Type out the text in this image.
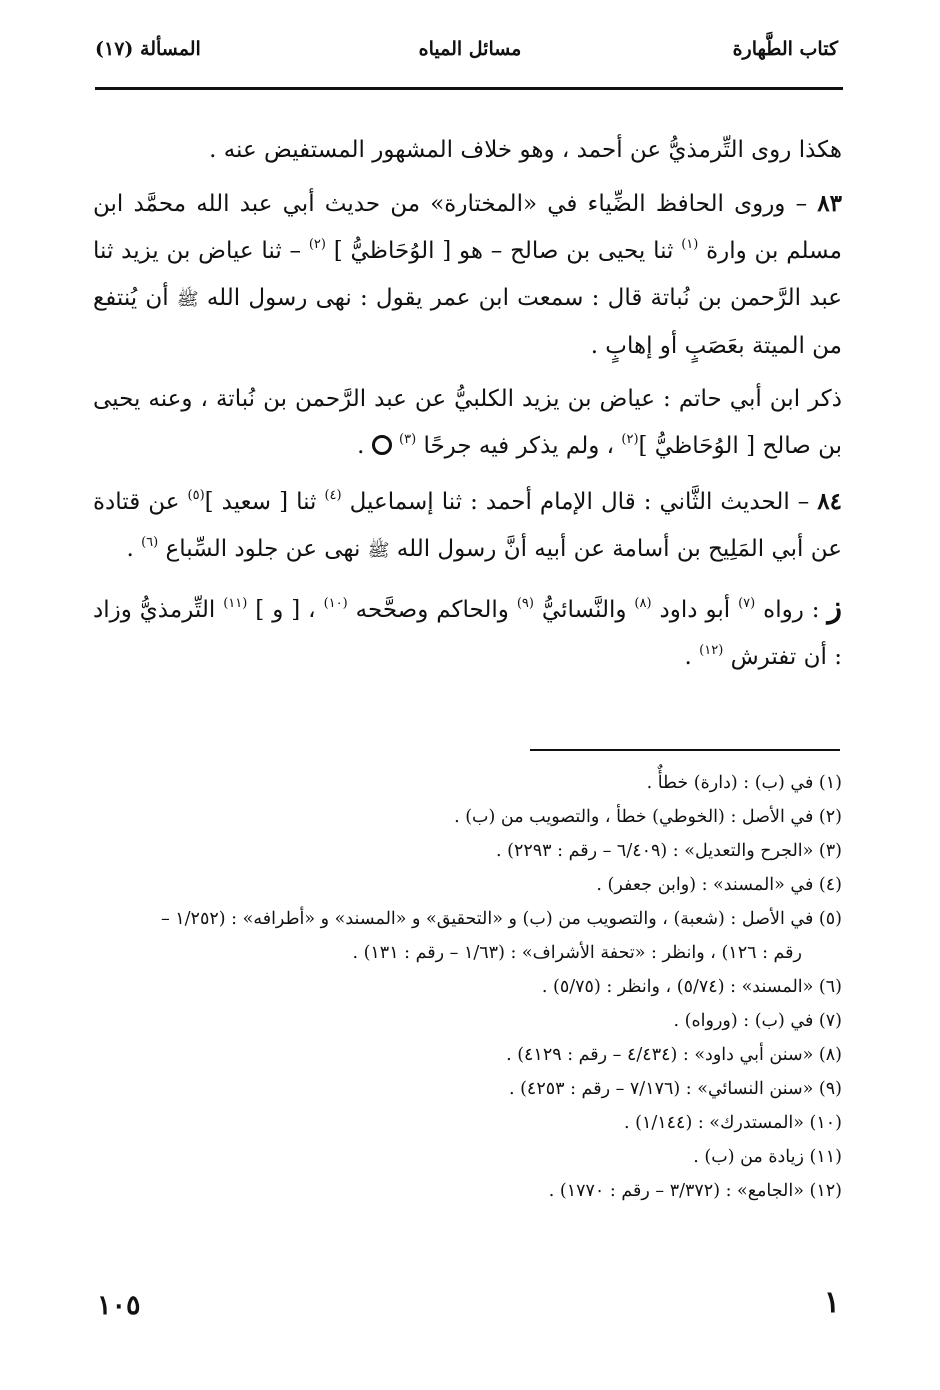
كتاب الطَّهارة
مسائل المياه
المسألة (١٧)

هكذا روى التِّرمذيُّ عن أحمد ، وهو خلاف المشهور المستفيض عنه .

٨٣ – وروى الحافظ الضِّياء في «المختارة» من حديث أبي عبد الله محمَّد ابن مسلم بن وارة $^{(١)}$ ثنا يحيى بن صالح – هو [ الوُحَاظيُّ ] $^{(٢)}$ – ثنا عياض بن يزيد ثنا عبد الرَّحمن بن نُباتة قال : سمعت ابن عمر يقول : نهى رسول الله ﷺ أن يُنتفع من الميتة بعَصَبٍ أو إهابٍ .

ذكر ابن أبي حاتم : عياض بن يزيد الكلبيُّ عن عبد الرَّحمن بن نُباتة ، وعنه يحيى بن صالح [ الوُحَاظيُّ ]$^{(٢)}$ ، ولم يذكر فيه جرحًا $^{(٣)}$  .

٨٤ – الحديث الثَّاني : قال الإمام أحمد : ثنا إسماعيل $^{(٤)}$ ثنا [ سعيد ]$^{(٥)}$ عن قتادة عن أبي المَلِيح بن أسامة عن أبيه أنَّ رسول الله ﷺ نهى عن جلود السِّباع $^{(٦)}$ .

ز : رواه $^{(٧)}$ أبو داود $^{(٨)}$ والنَّسائيُّ $^{(٩)}$ والحاكم وصحَّحه $^{(١٠)}$ ، [ و ] $^{(١١)}$ التِّرمذيُّ وزاد : أن تفترش $^{(١٢)}$ .

(١) في (ب) : (دارة) خطأٌ .
(٢) في الأصل : (الخوطي) خطأ ، والتصويب من (ب) .
(٣) «الجرح والتعديل» : (٦/٤٠٩ – رقم : ٢٢٩٣) .
(٤) في «المسند» : (وابن جعفر) .
(٥) في الأصل : (شعبة) ، والتصويب من (ب) و «التحقيق» و «المسند» و «أطرافه» : (١/٢٥٢ –
رقم : ١٢٦) ، وانظر : «تحفة الأشراف» : (١/٦٣ – رقم : ١٣١) .
(٦) «المسند» : (٥/٧٤) ، وانظر : (٥/٧٥) .
(٧) في (ب) : (ورواه) .
(٨) «سنن أبي داود» : (٤/٤٣٤ – رقم : ٤١٢٩) .
(٩) «سنن النسائي» : (٧/١٧٦ – رقم : ٤٢٥٣) .
(١٠) «المستدرك» : (١/١٤٤) .
(١١) زيادة من (ب) .
(١٢) «الجامع» : (٣/٣٧٢ – رقم : ١٧٧٠) .
١
١٠٥
